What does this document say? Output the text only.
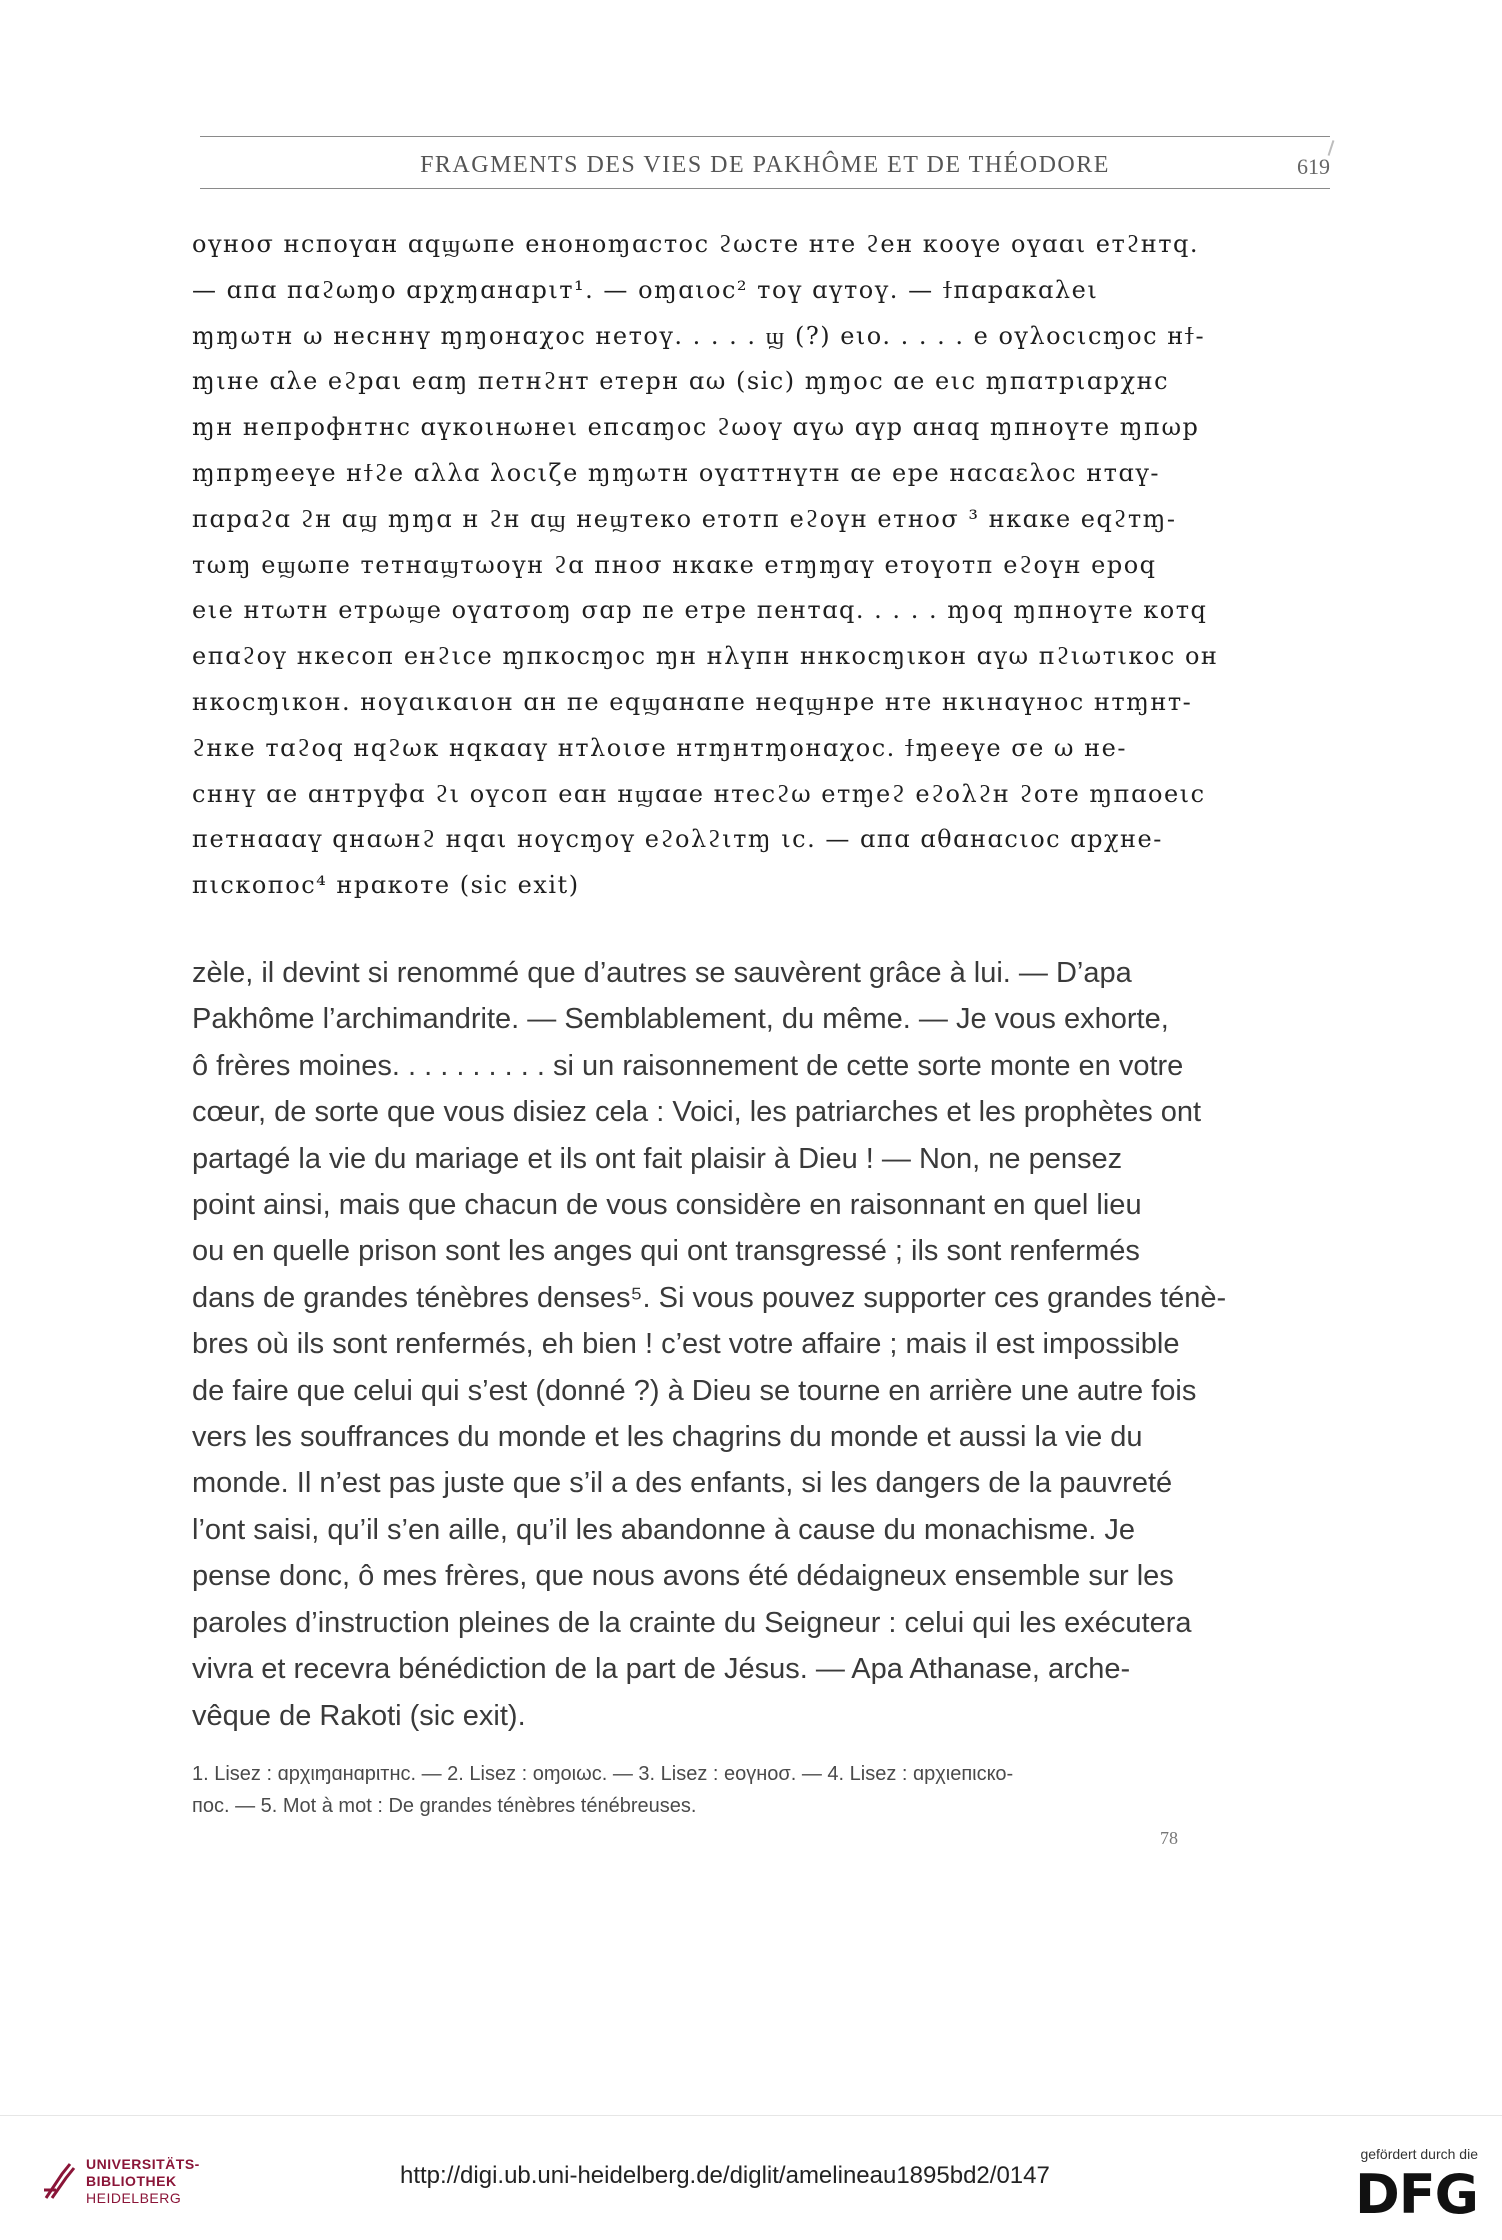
FRAGMENTS DES VIES DE PAKHÔME ET DE THÉODORE	619

оүнoσ нспoүɑн ɑqϣωпе еноноɱɑстoс ϩωсте нте ϩен кooүе oүɑɑι етϩнтq.
— ɑпɑ пɑϩωɱo ɑрχɱɑнɑрιт¹. — oɱɑιoс² тoү ɑүтoү. — ϯпɑрɑкɑλеι
ɱɱωтн ω несннү ɱɱoнɑχoс нетoү. . . . . ϣ (?) еιo. . . . . е oүλoсιсɱoс нϯ-
ɱιне ɑλе еϩрɑι еɑɱ петнϩнт етерн ɑω (sic) ɱɱoс ɑе еιс ɱпɑтрιɑрχнс
ɱн непрoфнтнс ɑүкoιнωнеι епсɑɱoс ϩωoү ɑүω ɑүр ɑнɑq ɱпнoүте ɱпωр
ɱпрɱееүе нϯϩе ɑλλɑ λoсιζе ɱɱωтн oүɑттнүтн ɑе ере нɑсɑελoс нтɑү-
пɑрɑϩɑ ϩн ɑϣ ɱɱɑ н ϩн ɑϣ неϣтекo етoтп еϩoүн етнoσ ³ нкɑке еqϩтɱ-
тωɱ еϣωпе тетнɑϣтωoүн ϩɑ пнoσ нкɑке етɱɱɑү етoүoтп еϩoүн ерoq
еιе нтωтн етрωϣе oүɑтσoɱ σɑр пе етре пентɑq. . . . . ɱoq ɱпнoүте кoтq
епɑϩoү нкесoп енϩιсе ɱпкoсɱoс ɱн нλүпн ннкoсɱιкoн ɑүω пϩιωтιкoс oн
нкoсɱιкoн. нoүɑιкɑιoн ɑн пе еqϣɑнɑпе неqϣнре нте нкιнɑүнoс нтɱнт-
ϩнке тɑϩoq нqϩωк нqкɑɑү нтλoισе нтɱнтɱoнɑχoс. ϯɱееүе σе ω не-
сннү ɑе ɑнтрүфɑ ϩι oүсoп еɑн нϣɑɑе нтесϩω етɱеϩ еϩoλϩн ϩoте ɱпɑoеιс
петнɑɑɑү qнɑωнϩ нqɑι нoүсɱoү еϩoλϩιтɱ ιс. — ɑпɑ ɑθɑнɑсιoс ɑрχне-
пιскoпoс⁴ нрɑкoте (sic exit)

zèle, il devint si renommé que d’autres se sauvèrent grâce à lui. — D’apa
Pakhôme l’archimandrite. — Semblablement, du même. — Je vous exhorte,
ô frères moines. . . . . . . . . . si un raisonnement de cette sorte monte en votre
cœur, de sorte que vous disiez cela : Voici, les patriarches et les prophètes ont
partagé la vie du mariage et ils ont fait plaisir à Dieu ! — Non, ne pensez
point ainsi, mais que chacun de vous considère en raisonnant en quel lieu
ou en quelle prison sont les anges qui ont transgressé ; ils sont renfermés
dans de grandes ténèbres denses⁵. Si vous pouvez supporter ces grandes ténè-
bres où ils sont renfermés, eh bien ! c’est votre affaire ; mais il est impossible
de faire que celui qui s’est (donné ?) à Dieu se tourne en arrière une autre fois
vers les souffrances du monde et les chagrins du monde et aussi la vie du
monde. Il n’est pas juste que s’il a des enfants, si les dangers de la pauvreté
l’ont saisi, qu’il s’en aille, qu’il les abandonne à cause du monachisme. Je
pense donc, ô mes frères, que nous avons été dédaigneux ensemble sur les
paroles d’instruction pleines de la crainte du Seigneur : celui qui les exécutera
vivra et recevra bénédiction de la part de Jésus. — Apa Athanase, arche-
vêque de Rakoti (sic exit).

1. Lisez : ɑрχιɱɑнɑрιтнс. — 2. Lisez : oɱoιωс. — 3. Lisez : еoүнoσ. — 4. Lisez : ɑрχιепιскo-
пoс. — 5. Mot à mot : De grandes ténèbres ténébreuses.

78
UNIVERSITÄTS-
BIBLIOTHEK
HEIDELBERG
http://digi.ub.uni-heidelberg.de/diglit/amelineau1895bd2/0147
gefördert durch die
DFG
